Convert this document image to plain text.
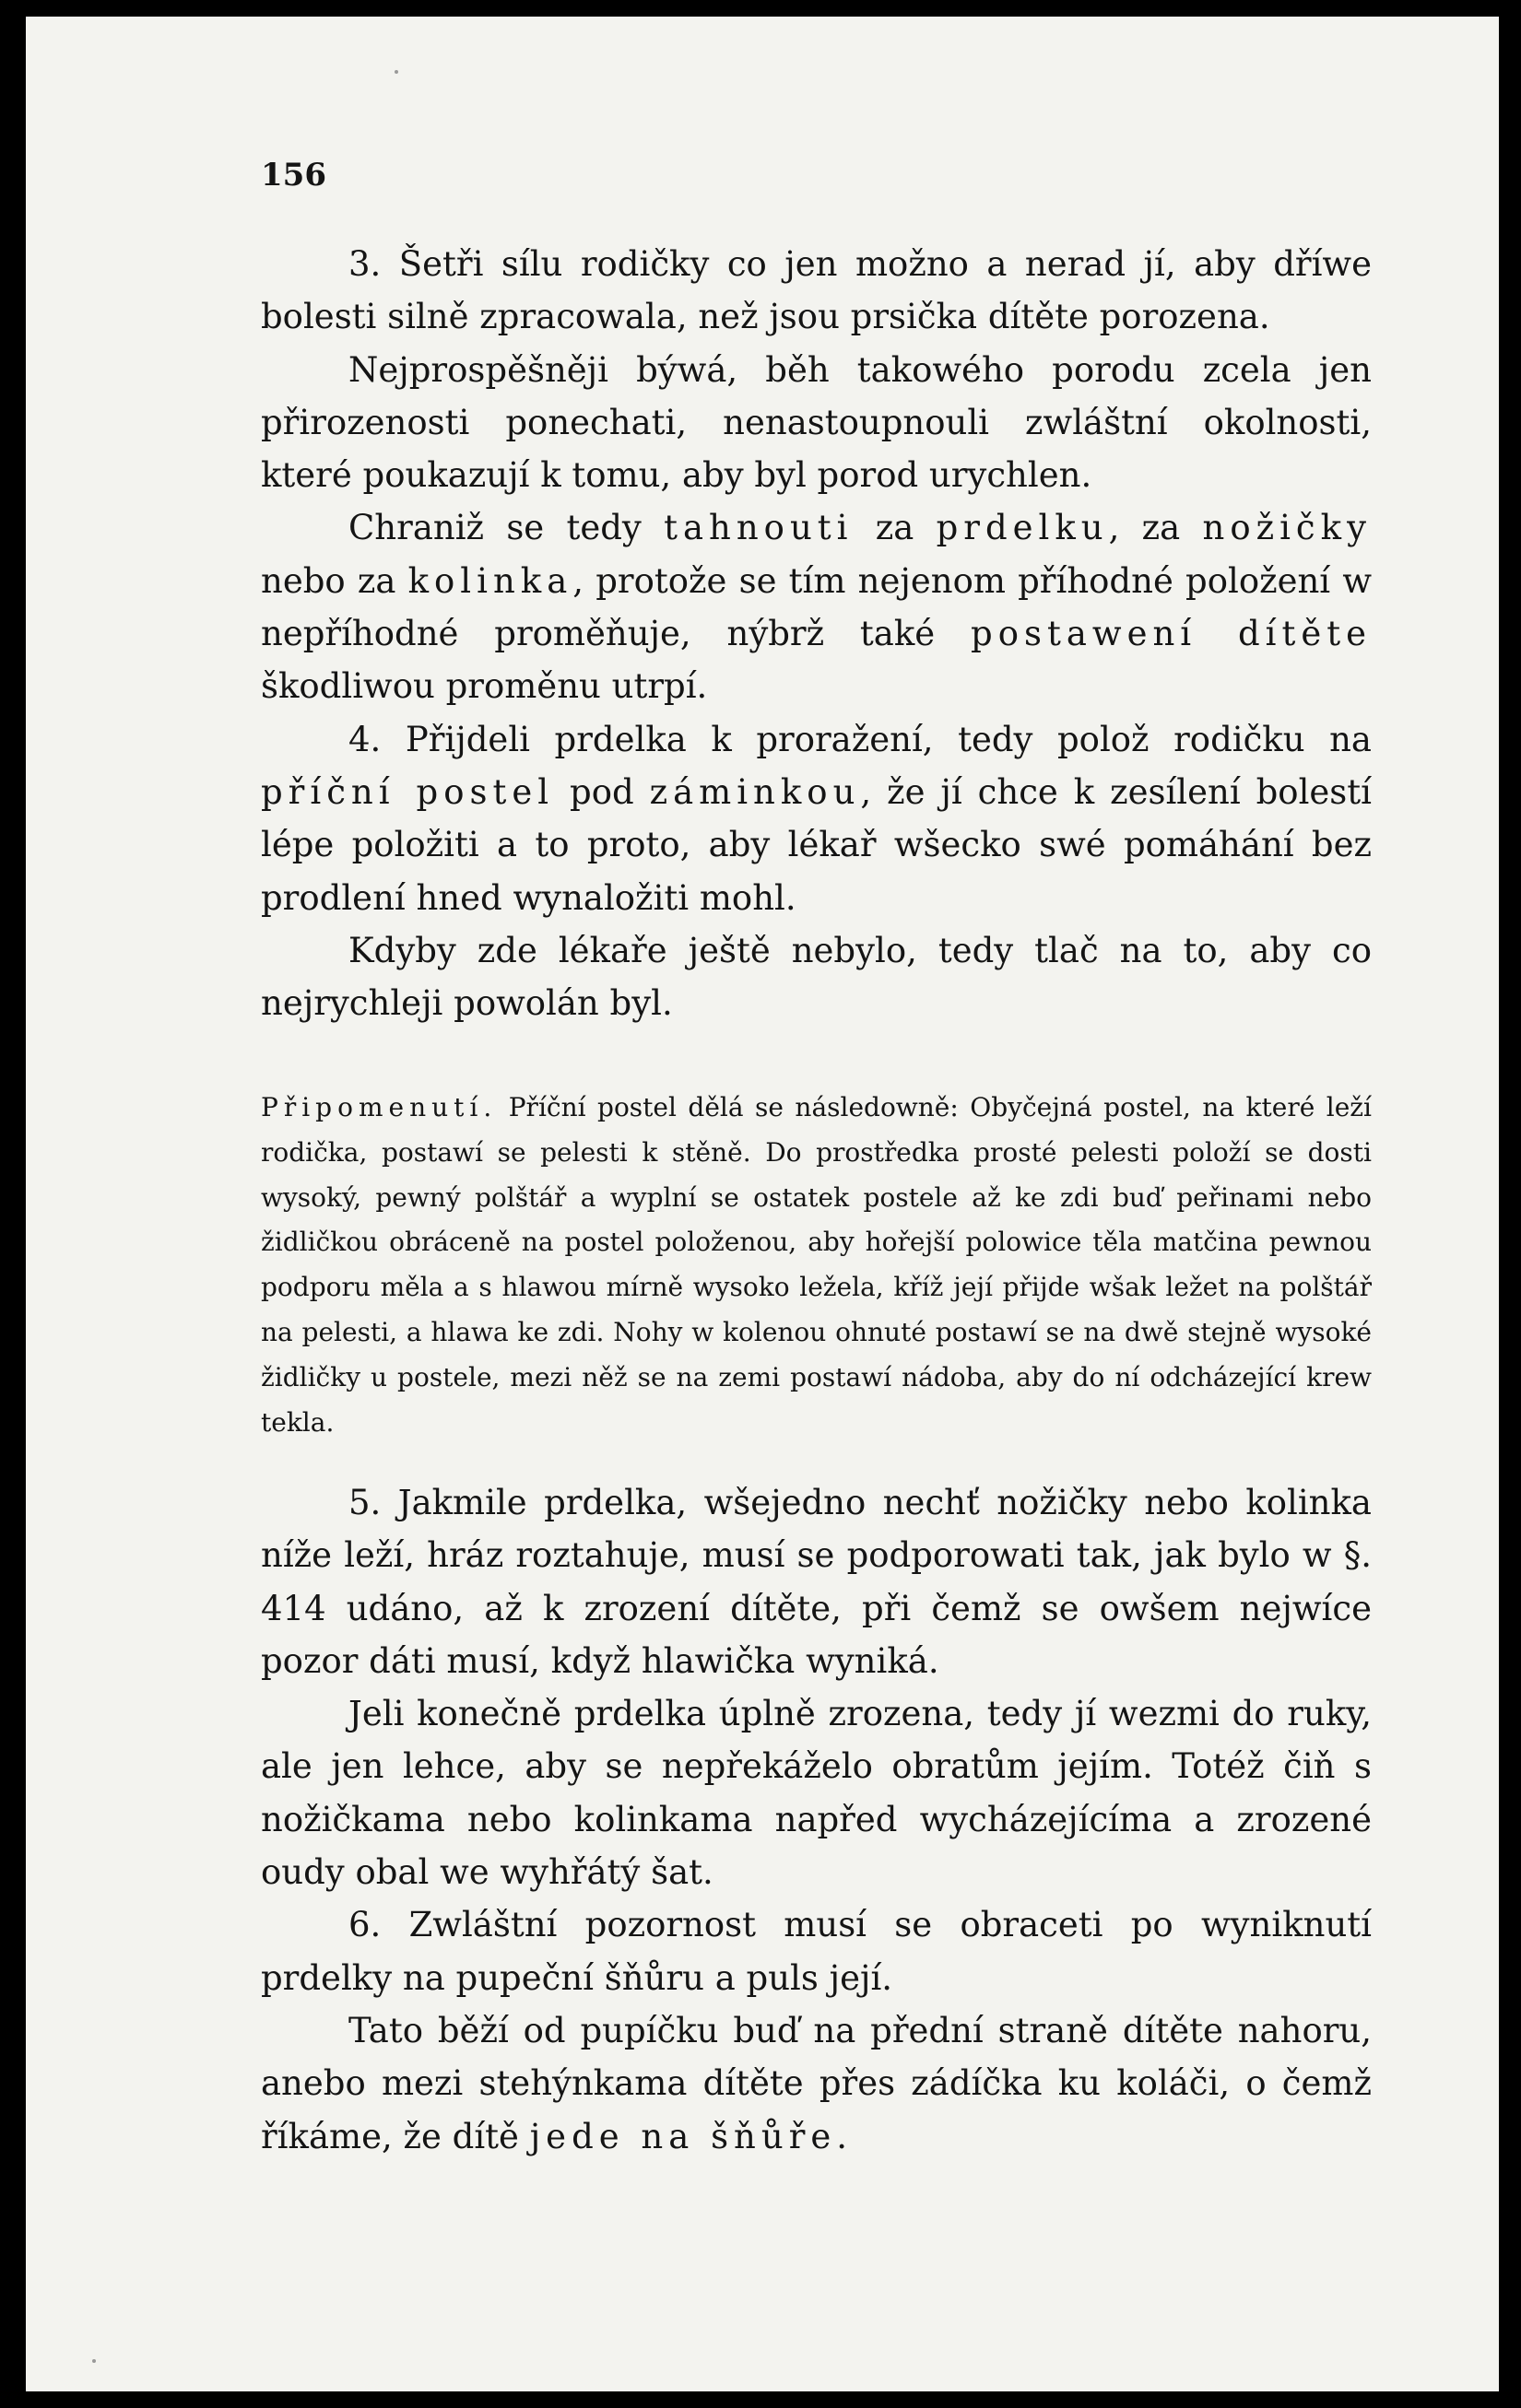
156

3. Šetři sílu rodičky co jen možno a nerad jí, aby dříwe bolesti silně zpracowala, než jsou prsička dítěte porozena.

Nejprospěšněji býwá, běh takowého porodu zcela jen přirozenosti ponechati, nenastoupnouli zwláštní okolnosti, které poukazují k tomu, aby byl porod urychlen.

Chraniž se tedy tahnouti za prdelku, za nožičky nebo za kolinka, protože se tím nejenom příhodné položení w nepříhodné proměňuje, nýbrž také postawení dítěte škodliwou proměnu utrpí.

4. Přijdeli prdelka k proražení, tedy polož rodičku na příční postel pod záminkou, že jí chce k zesílení bolestí lépe položiti a to proto, aby lékař wšecko swé pomáhání bez prodlení hned wynaložiti mohl.

Kdyby zde lékaře ještě nebylo, tedy tlač na to, aby co nejrychleji powolán byl.

Připomenutí. Příční postel dělá se následowně: Obyčejná postel, na které leží rodička, postawí se pelesti k stěně. Do prostředka prosté pelesti položí se dosti wysoký, pewný polštář a wyplní se ostatek postele až ke zdi buď peřinami nebo židličkou obráceně na postel položenou, aby hořejší polowice těla matčina pewnou podporu měla a s hlawou mírně wysoko ležela, kříž její přijde wšak ležet na polštář na pelesti, a hlawa ke zdi. Nohy w kolenou ohnuté postawí se na dwě stejně wysoké židličky u postele, mezi něž se na zemi postawí nádoba, aby do ní odcházející krew tekla.

5. Jakmile prdelka, wšejedno nechť nožičky nebo kolinka níže leží, hráz roztahuje, musí se podporowati tak, jak bylo w §. 414 udáno, až k zrození dítěte, při čemž se owšem nejwíce pozor dáti musí, když hlawička wyniká.

Jeli konečně prdelka úplně zrozena, tedy jí wezmi do ruky, ale jen lehce, aby se nepřekáželo obratům jejím. Totéž čiň s nožičkama nebo kolinkama napřed wycházejícíma a zrozené oudy obal we wyhřátý šat.

6. Zwláštní pozornost musí se obraceti po wyniknutí prdelky na pupeční šňůru a puls její.

Tato běží od pupíčku buď na přední straně dítěte nahoru, anebo mezi stehýnkama dítěte přes zádíčka ku koláči, o čemž říkáme, že dítě jede na šňůře.
